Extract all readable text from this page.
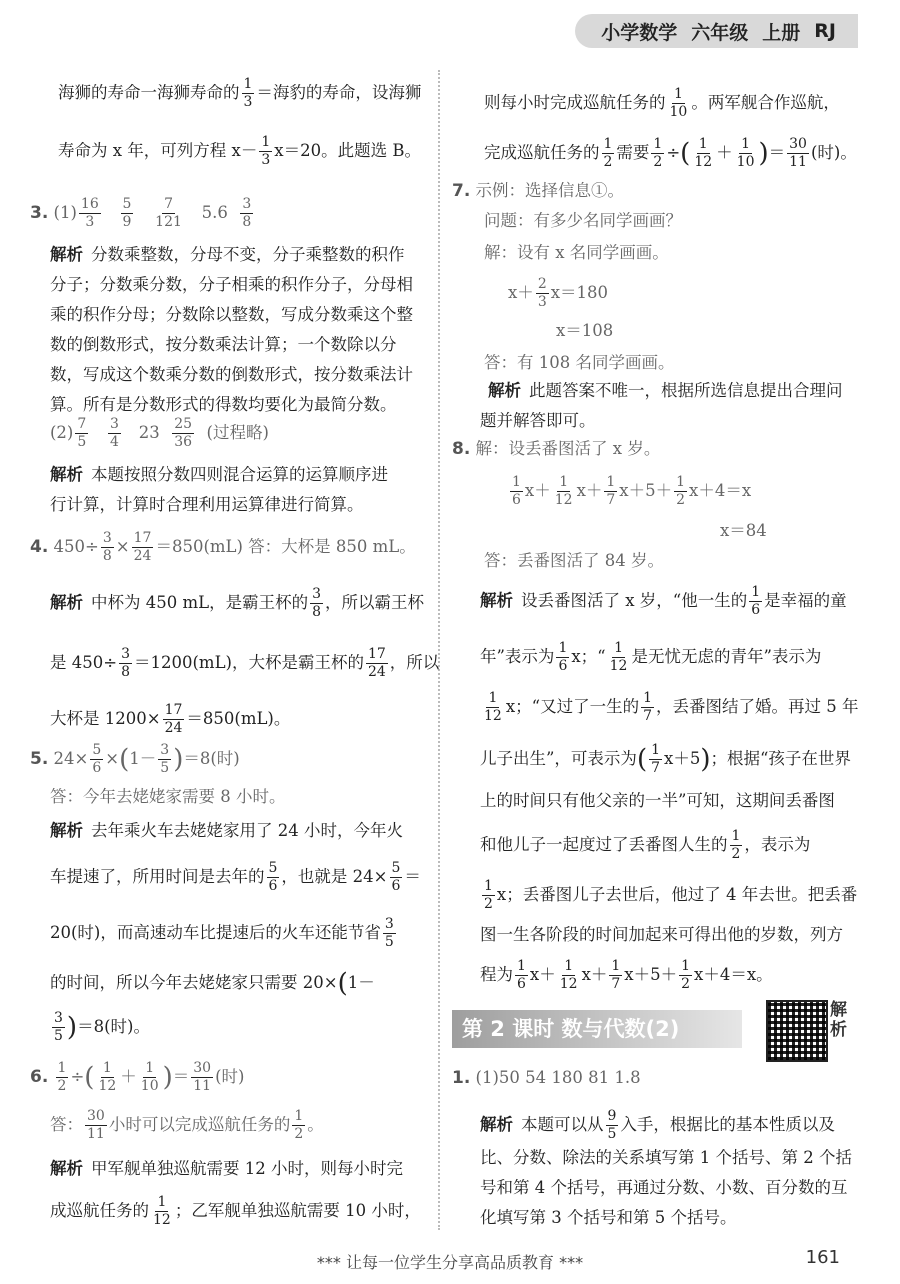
小学数学 六年级 上册 RJ
海狮的寿命一海狮寿命的 $\frac{1}{3}$ ＝海豹的寿命，设海狮
寿命为 x 年，可列方程 $x- \frac{1}{3} x=20$。此题选 B。
3. $(1) \frac{16}{3}$
$\frac{5}{9}$
$\frac{7}{121} 5.6 \frac{3}{8}$
解析 分数乘整数，分母不变，分子乘整数的积作
分子；分数乘分数，分子相乘的积作分子，分母相
乘的积作分母；分数除以整数，写成分数乘这个整
数的倒数形式，按分数乘法计算；一个数除以分
数，写成这个数乘分数的倒数形式，按分数乘法计
算。所有是分数形式的得数均要化为最简分数。
$(2) \frac{7}{5}$
$\frac{3}{4} 23 \frac{25}{36}$ (过程略)
解析 本题按照分数四则混合运算的运算顺序进
行计算，计算时合理利用运算律进行简算。
4. $450\div \frac{3}{8} \times \frac{17}{24} =850(mL)$ 答：大杯是 850 mL。
解析 中杯为 450 mL，是霸王杯的 $\frac{3}{8}$ ，所以霸王杯
是 $450\div \frac{3}{8} =1200(mL)$，大杯是霸王杯的 $\frac{17}{24}$ ，所以
大杯是 $1200\times \frac{17}{24} =850(mL)$。
5. $24\times \frac{5}{6} \times(1- \frac{3}{5} )=8$(时)
答：今年去姥姥家需要 8 小时。
解析 去年乘火车去姥姥家用了 24 小时，今年火
车提速了，所用时间是去年的 $\frac{5}{6}$ ，也就是 $24\times \frac{5}{6}$ ＝
20(时)，而高速动车比提速后的火车还能节省 $\frac{3}{5}$
的时间，所以今年去姥姥家只需要 20×(1－
$\frac{3}{5} )=8$(时)。
6. $\frac{1}{2}$ ÷( $\frac{1}{12} + \frac{1}{10}$ )＝ $\frac{30}{11}$ (时)
答： $\frac{30}{11}$ 小时可以完成巡航任务的 $\frac{1}{2}$ 。
解析 甲军舰单独巡航需要 12 小时，则每小时完
成巡航任务的 $\frac{1}{12}$ ；乙军舰单独巡航需要 10 小时，
则每小时完成巡航任务的 $\frac{1}{10}$ 。两军舰合作巡航，
完成巡航任务的 $\frac{1}{2}$ 需要 $\frac{1}{2}$ ÷( $\frac{1}{12} + \frac{1}{10}$ )＝ $\frac{30}{11}$ (时)。
7. 示例：选择信息①。
问题：有多少名同学画画？
解：设有 x 名同学画画。
$x+ \frac{2}{3} x=180$
x＝108
答：有 108 名同学画画。
解析 此题答案不唯一，根据所选信息提出合理问
题并解答即可。
8. 解：设丢番图活了 x 岁。
$\frac{1}{6} x+ \frac{1}{12} x+ \frac{1}{7} x+5+ \frac{1}{2} x+4=x$
x＝84
答：丢番图活了 84 岁。
解析 设丢番图活了 x 岁，“他一生的 $\frac{1}{6}$ 是幸福的童
年”表示为 $\frac{1}{6}$ x；“ $\frac{1}{12}$ 是无忧无虑的青年”表示为
$\frac{1}{12}$ x；“又过了一生的 $\frac{1}{7}$ ，丢番图结了婚。再过 5 年
儿子出生”，可表示为( $\frac{1}{7} x+5$)；根据“孩子在世界
上的时间只有他父亲的一半”可知，这期间丢番图
和他儿子一起度过了丢番图人生的 $\frac{1}{2}$ ，表示为
$\frac{1}{2}$ x；丢番图儿子去世后，他过了 4 年去世。把丢番
图一生各阶段的时间加起来可得出他的岁数，列方
程为 $\frac{1}{6} x+ \frac{1}{12} x+ \frac{1}{7} x+5+ \frac{1}{2} x+4=x$。
第 2 课时 数与代数(2)
解析
1. (1)50 54 180 81 1.8
解析 本题可以从 $\frac{9}{5}$ 入手，根据比的基本性质以及
比、分数、除法的关系填写第 1 个括号、第 2 个括
号和第 4 个括号，再通过分数、小数、百分数的互
化填写第 3 个括号和第 5 个括号。
*** 让每一位学生分享高品质教育 ***	161
